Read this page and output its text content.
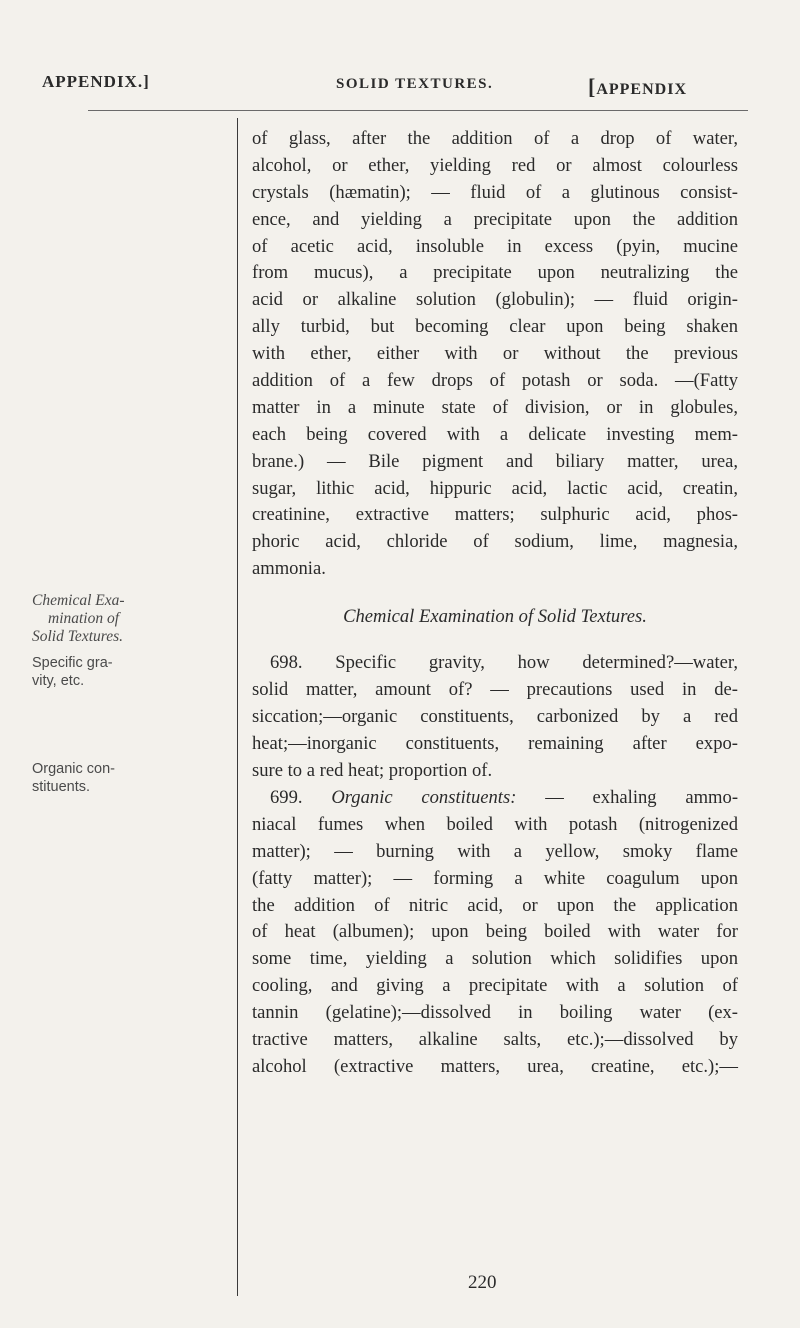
APPENDIX.]	SOLID TEXTURES.	[APPENDIX
of glass, after the addition of a drop of water,
alcohol, or ether, yielding red or almost colourless
crystals (hæmatin); — fluid of a glutinous consist-
ence, and yielding a precipitate upon the addition
of acetic acid, insoluble in excess (pyin, mucine
from mucus), a precipitate upon neutralizing the
acid or alkaline solution (globulin); — fluid origin-
ally turbid, but becoming clear upon being shaken
with ether, either with or without the previous
addition of a few drops of potash or soda. —(Fatty
matter in a minute state of division, or in globules,
each being covered with a delicate investing mem-
brane.) — Bile pigment and biliary matter, urea,
sugar, lithic acid, hippuric acid, lactic acid, creatin,
creatinine, extractive matters; sulphuric acid, phos-
phoric acid, chloride of sodium, lime, magnesia,
ammonia.
Chemical Exa-
mination of
Solid Textures.
Specific gra-
vity, etc.
Organic con-
stituents.
Chemical Examination of Solid Textures.
698. Specific gravity, how determined?—water,
solid matter, amount of? — precautions used in de-
siccation;—organic constituents, carbonized by a red
heat;—inorganic constituents, remaining after expo-
sure to a red heat; proportion of.
699. Organic constituents: — exhaling ammo-
niacal fumes when boiled with potash (nitrogenized
matter); — burning with a yellow, smoky flame
(fatty matter); — forming a white coagulum upon
the addition of nitric acid, or upon the application
of heat (albumen); upon being boiled with water for
some time, yielding a solution which solidifies upon
cooling, and giving a precipitate with a solution of
tannin (gelatine);—dissolved in boiling water (ex-
tractive matters, alkaline salts, etc.);—dissolved by
alcohol (extractive matters, urea, creatine, etc.);—
220
